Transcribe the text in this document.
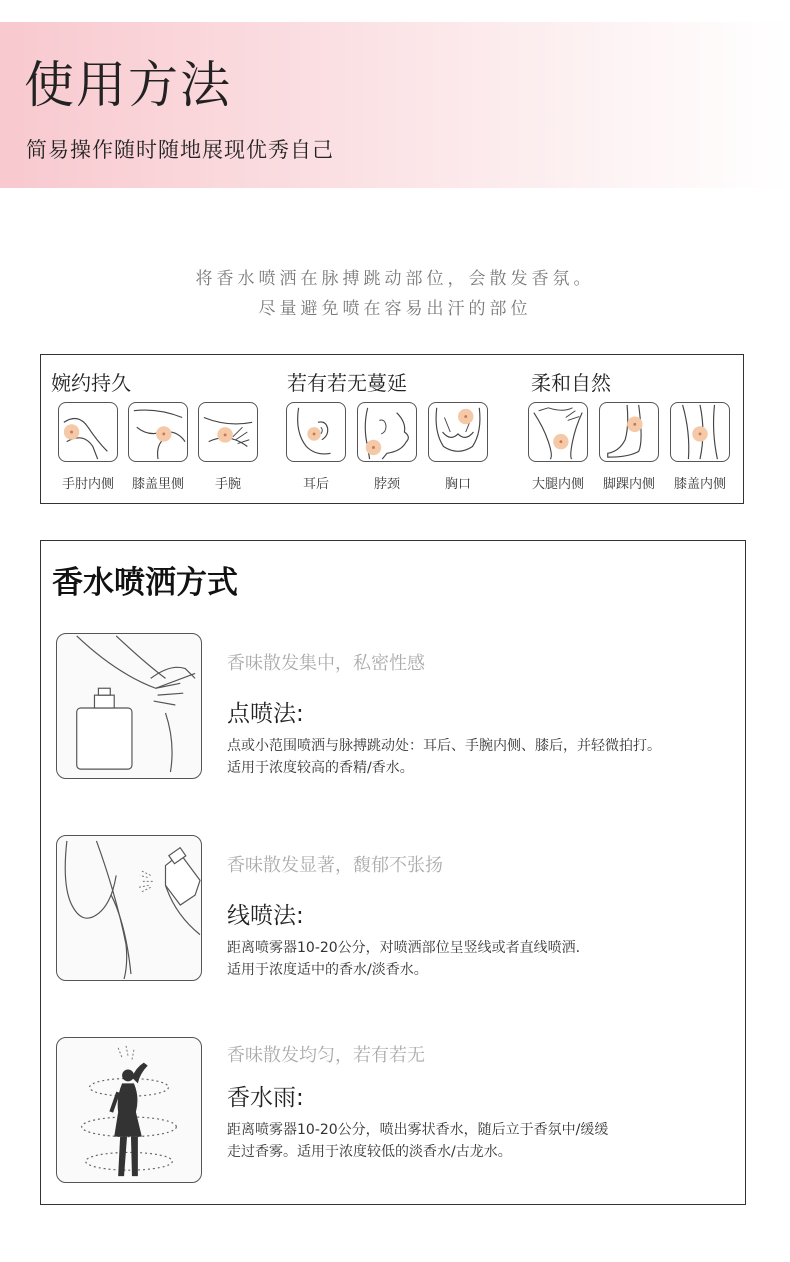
使用方法
简易操作随时随地展现优秀自己
将香水喷洒在脉搏跳动部位，会散发香氛。
尽量避免喷在容易出汗的部位
婉约持久	若有若无蔓延	柔和自然
手肘内侧	膝盖里侧	手腕	耳后	脖颈	胸口	大腿内侧	脚踝内侧	膝盖内侧
香水喷洒方式
香味散发集中，私密性感
点喷法:
点或小范围喷洒与脉搏跳动处：耳后、手腕内侧、膝后，并轻微拍打。
适用于浓度较高的香精/香水。
香味散发显著，馥郁不张扬
线喷法:
距离喷雾器10-20公分，对喷洒部位呈竖线或者直线喷洒.
适用于浓度适中的香水/淡香水。
香味散发均匀，若有若无
香水雨:
距离喷雾器10-20公分，喷出雾状香水，随后立于香氛中/缓缓
走过香雾。适用于浓度较低的淡香水/古龙水。
